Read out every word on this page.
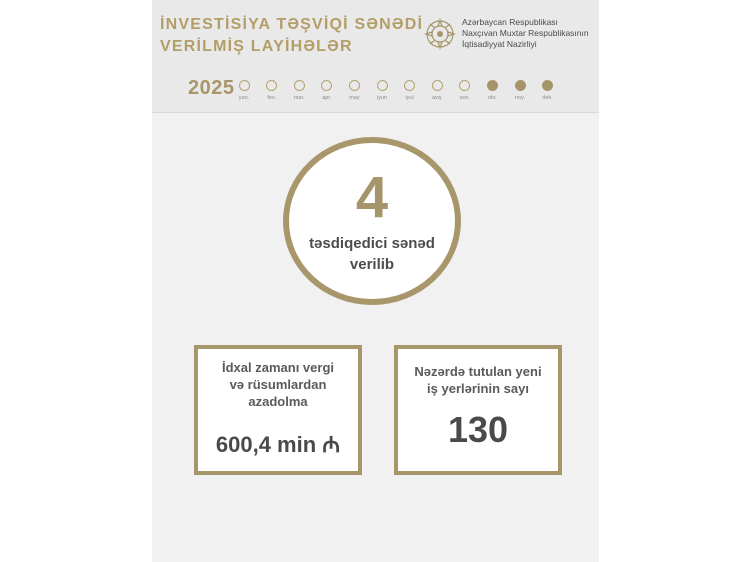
İNVESTİSİYA TƏŞVİQİ SƏNƏDİ
VERİLMİŞ LAYİHƏLƏR
Azərbaycan Respublikası
Naxçıvan Muxtar Respublikasının
İqtisadiyyat Nazirliyi
2025 yan.	fev.	mar.	apr.	may	iyun	iyul	avq.	sen.	okt.	noy.	dek.
4
təsdiqedici sənəd
verilib
İdxal zamanı vergi
və rüsumlardan
azadolma
600,4 min ₼
Nəzərdə tutulan yeni
iş yerlərinin sayı
130
